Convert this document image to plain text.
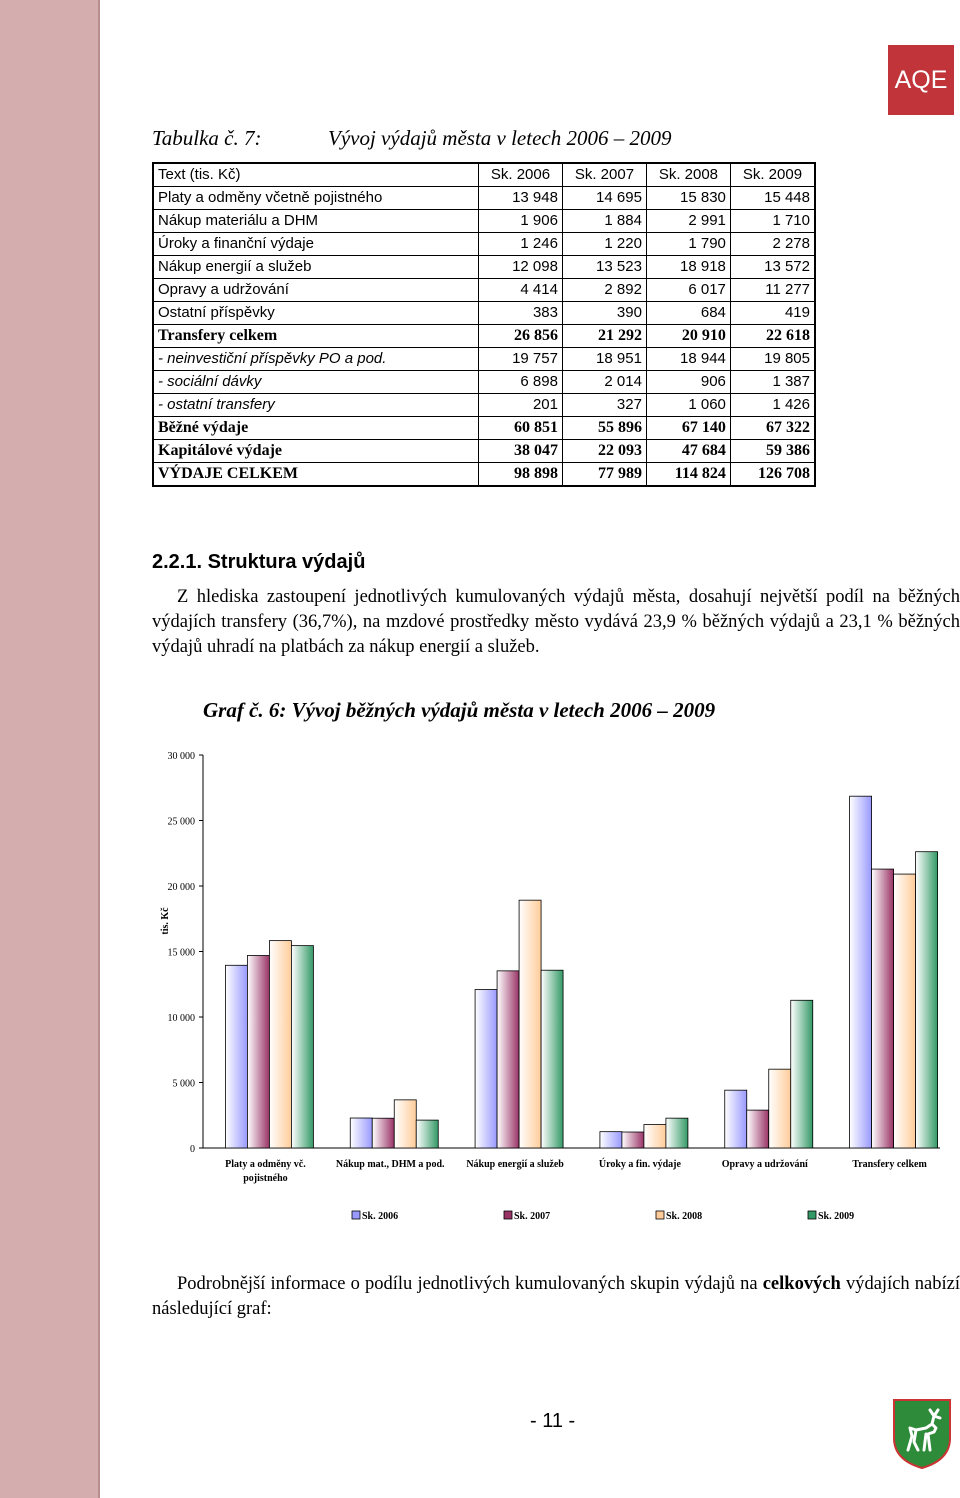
AQE
Tabulka č. 7:	Vývoj výdajů města v letech 2006 – 2009
Text (tis. Kč)	Sk. 2006	Sk. 2007	Sk. 2008	Sk. 2009
Platy a odměny včetně pojistného	13 948	14 695	15 830	15 448
Nákup materiálu a DHM	1 906	1 884	2 991	1 710
Úroky a finanční výdaje	1 246	1 220	1 790	2 278
Nákup energií a služeb	12 098	13 523	18 918	13 572
Opravy a udržování	4 414	2 892	6 017	11 277
Ostatní příspěvky	383	390	684	419
Transfery celkem	26 856	21 292	20 910	22 618
- neinvestiční příspěvky PO a pod.	19 757	18 951	18 944	19 805
- sociální dávky	6 898	2 014	906	1 387
- ostatní transfery	201	327	1 060	1 426
Běžné výdaje	60 851	55 896	67 140	67 322
Kapitálové výdaje	38 047	22 093	47 684	59 386
VÝDAJE CELKEM	98 898	77 989	114 824	126 708
2.2.1. Struktura výdajů
Z hlediska zastoupení jednotlivých kumulovaných výdajů města, dosahují největší podíl na běžných výdajích transfery (36,7%), na mzdové prostředky město vydává 23,9 % běžných výdajů a 23,1 % běžných výdajů uhradí na platbách za nákup energií a služeb.
Graf č. 6: Vývoj běžných výdajů města v letech 2006 – 2009
0
5 000
10 000
15 000
20 000
25 000
30 000
tis. Kč
Platy a odměny vč. pojistného
Nákup mat., DHM a pod. Nákup energií a služeb	Úroky a fin. výdaje	Opravy a udržování	Transfery celkem
Sk. 2006	Sk. 2007	Sk. 2008	Sk. 2009
Podrobnější informace o podílu jednotlivých kumulovaných skupin výdajů na celkových výdajích nabízí následující graf:
- 11 -
